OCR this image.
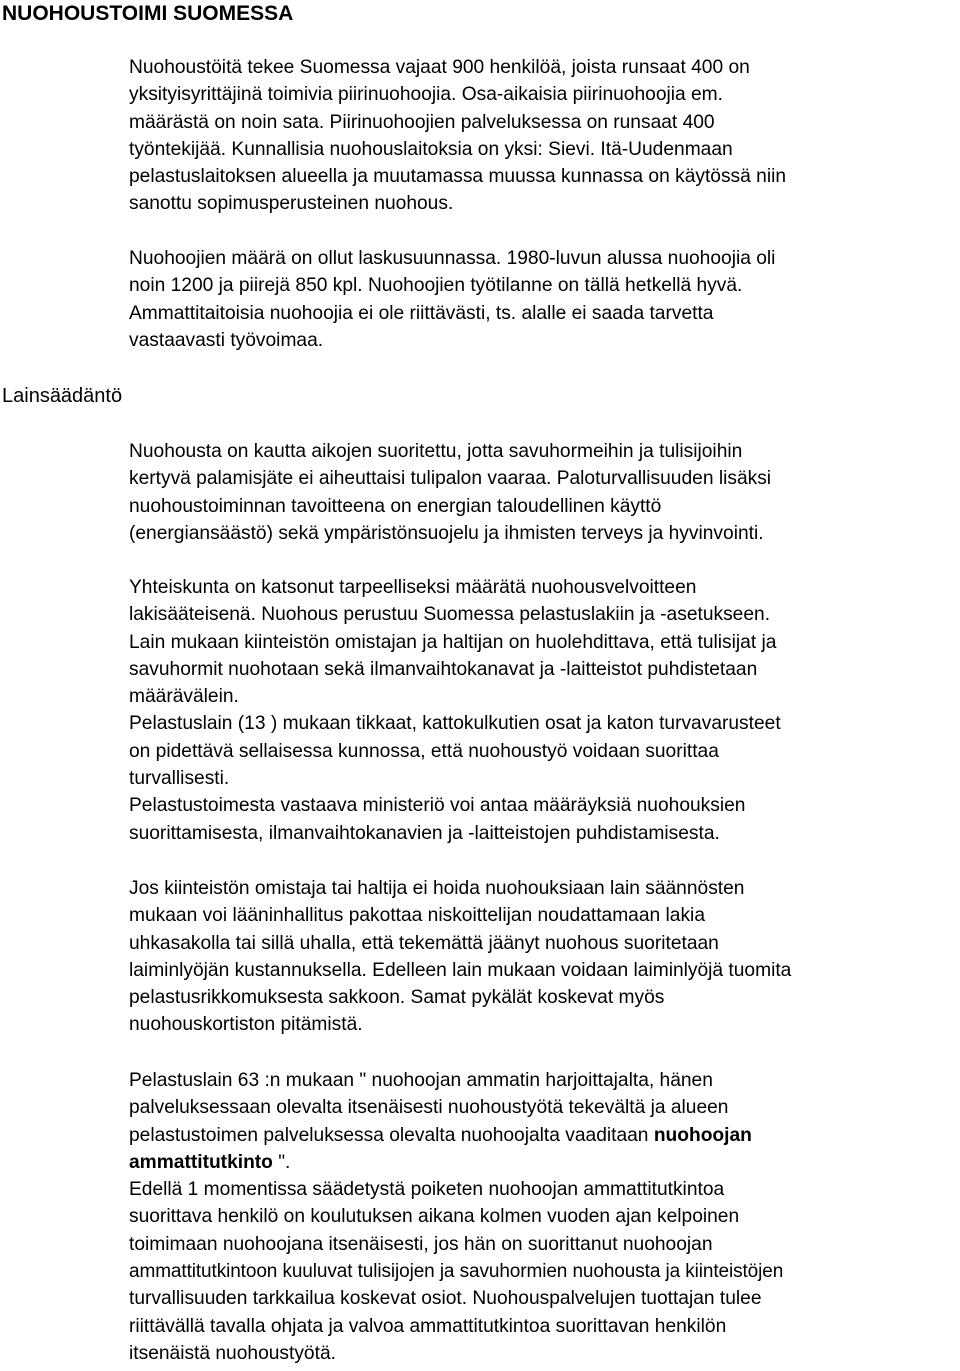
NUOHOUSTOIMI SUOMESSA
Lainsäädäntö
Nuohoustöitä tekee Suomessa vajaat 900 henkilöä, joista runsaat 400 on
yksityisyrittäjinä toimivia piirinuohoojia. Osa-aikaisia piirinuohoojia em.
määrästä on noin sata. Piirinuohoojien palveluksessa on runsaat 400
työntekijää. Kunnallisia nuohouslaitoksia on yksi: Sievi. Itä-Uudenmaan
pelastuslaitoksen alueella ja muutamassa muussa kunnassa on käytössä niin
sanottu sopimusperusteinen nuohous.
Nuohoojien määrä on ollut laskusuunnassa. 1980-luvun alussa nuohoojia oli
noin 1200 ja piirejä 850 kpl. Nuohoojien työtilanne on tällä hetkellä hyvä.
Ammattitaitoisia nuohoojia ei ole riittävästi, ts. alalle ei saada tarvetta
vastaavasti työvoimaa.
Nuohousta on kautta aikojen suoritettu, jotta savuhormeihin ja tulisijoihin
kertyvä palamisjäte ei aiheuttaisi tulipalon vaaraa. Paloturvallisuuden lisäksi
nuohoustoiminnan tavoitteena on energian taloudellinen käyttö
(energiansäästö) sekä ympäristönsuojelu ja ihmisten terveys ja hyvinvointi.
Yhteiskunta on katsonut tarpeelliseksi määrätä nuohousvelvoitteen
lakisääteisenä. Nuohous perustuu Suomessa pelastuslakiin ja -asetukseen.
Lain mukaan kiinteistön omistajan ja haltijan on huolehdittava, että tulisijat ja
savuhormit nuohotaan sekä ilmanvaihtokanavat ja -laitteistot puhdistetaan
määrävälein.
Pelastuslain (13 ) mukaan tikkaat, kattokulkutien osat ja katon turvavarusteet
on pidettävä sellaisessa kunnossa, että nuohoustyö voidaan suorittaa
turvallisesti.
Pelastustoimesta vastaava ministeriö voi antaa määräyksiä nuohouksien
suorittamisesta, ilmanvaihtokanavien ja -laitteistojen puhdistamisesta.
Jos kiinteistön omistaja tai haltija ei hoida nuohouksiaan lain säännösten
mukaan voi lääninhallitus pakottaa niskoittelijan noudattamaan lakia
uhkasakolla tai sillä uhalla, että tekemättä jäänyt nuohous suoritetaan
laiminlyöjän kustannuksella. Edelleen lain mukaan voidaan laiminlyöjä tuomita
pelastusrikkomuksesta sakkoon. Samat pykälät koskevat myös
nuohouskortiston pitämistä.
Pelastuslain 63 :n mukaan " nuohoojan ammatin harjoittajalta, hänen
palveluksessaan olevalta itsenäisesti nuohoustyötä tekevältä ja alueen
pelastustoimen palveluksessa olevalta nuohoojalta vaaditaan nuohoojan
ammattitutkinto ".
Edellä 1 momentissa säädetystä poiketen nuohoojan ammattitutkintoa
suorittava henkilö on koulutuksen aikana kolmen vuoden ajan kelpoinen
toimimaan nuohoojana itsenäisesti, jos hän on suorittanut nuohoojan
ammattitutkintoon kuuluvat tulisijojen ja savuhormien nuohousta ja kiinteistöjen
turvallisuuden tarkkailua koskevat osiot. Nuohouspalvelujen tuottajan tulee
riittävällä tavalla ohjata ja valvoa ammattitutkintoa suorittavan henkilön
itsenäistä nuohoustyötä.
